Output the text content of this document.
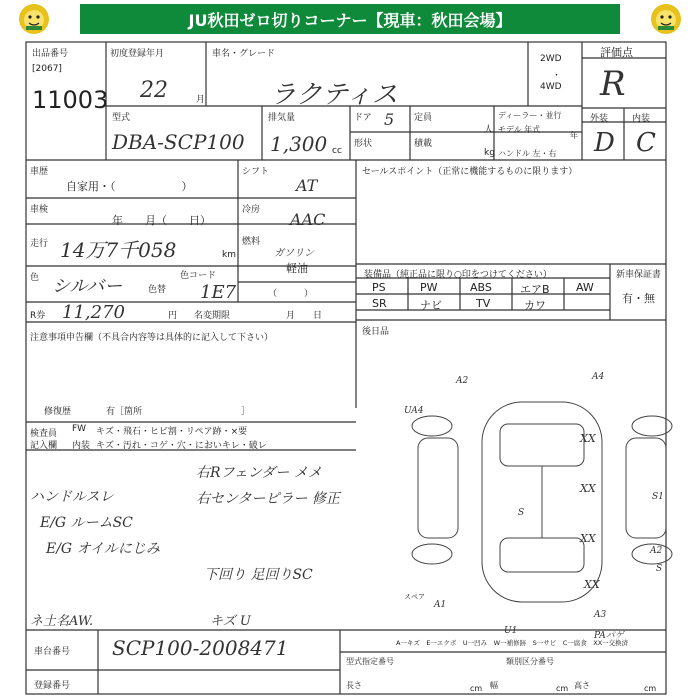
JU秋田ゼロ切りコーナー【現車：秋田会場】
出品番号
[2067]
11003
初度登録年月
22	月
車名・グレード
ラクティス
2WD
・
4WD
評価点
R
外装	内装
D C
型式
DBA-SCP100
排気量
1,300 cc
ドア 5 定員
人
形状	積載
kg
ディーラー・並行
モデル 年式
年
ハンドル 左・右
車歴
自家用・（　　　　　　）
シフト
AT
車検
年　　月（　　日）
冷房 AAC
走行 14万7千058	km
燃料
ガソリン
軽油
（　　　）
色 シルバー	色替
色コード
1E7
R券 11,270	円 名変期限	月　　日
セールスポイント（正常に機能するものに限ります）
装備品（純正品に限り○印をつけてください）	新車保証書
有・無
PS	PW	ABS	エアB AW
SR	ナビ	TV	カワ
後日品
注意事項申告欄（不具合内容等は具体的に記入して下さい）
修復歴	有［箇所　　　　　　　　　　　］
検査員
記入欄
FW キズ・飛石・ヒビ割・リペア跡・×要
内装 キズ・汚れ・コゲ・穴・においキレ・破レ
ハンドルスレ
E/G ルームSC
E/G オイルにじみ
右Rフェンダー メメ
右センターピラー 修正
下回り 足回りSC
ネ土名AW.	キズ U
A2	A4
UA4
XX
XX
XX
S1
S
A2
S
A1
U1
A3
XX
PAパゲ
スペア
A一キズ　E一エクボ　U一凹み　W一補修跡　S一サビ　C一腐食　XX一交換済
車台番号 SCP100-2008471
登録番号
型式指定番号	類別区分番号
長さ	cm 幅	cm 高さ	cm
